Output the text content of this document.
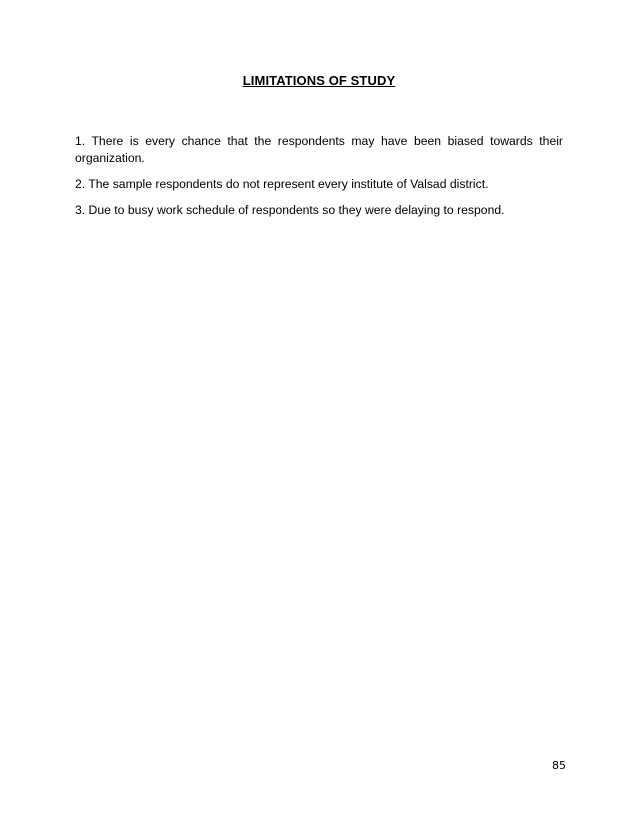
LIMITATIONS OF STUDY

1. There is every chance that the respondents may have been biased towards their organization.

2. The sample respondents do not represent every institute of Valsad district.

3. Due to busy work schedule of respondents so they were delaying to respond.

85
